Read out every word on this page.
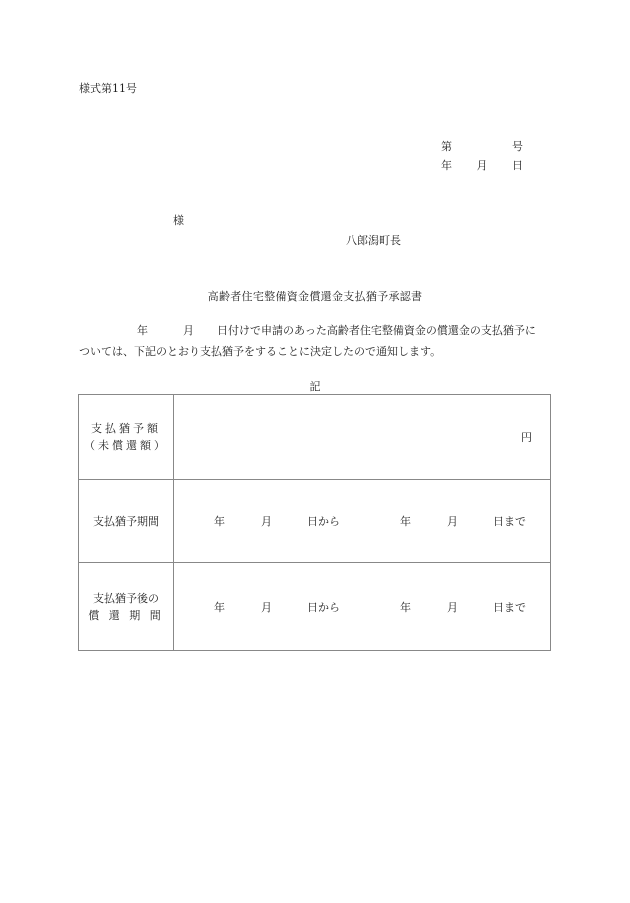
様式第11号
第	号
年 月 日
様
八郎潟町長
高齢者住宅整備資金償還金支払猶予承認書
年	月 日付けで申請のあった高齢者住宅整備資金の償還金の支払猶予に
ついては、下記のとおり支払猶予をすることに決定したので通知します。
記
支払猶予額
（未償還額）	円

支払猶予期間	年	月	日から	年	月	日まで

支払猶予後の
償 還 期 間

年	月	日から	年	月	日まで
